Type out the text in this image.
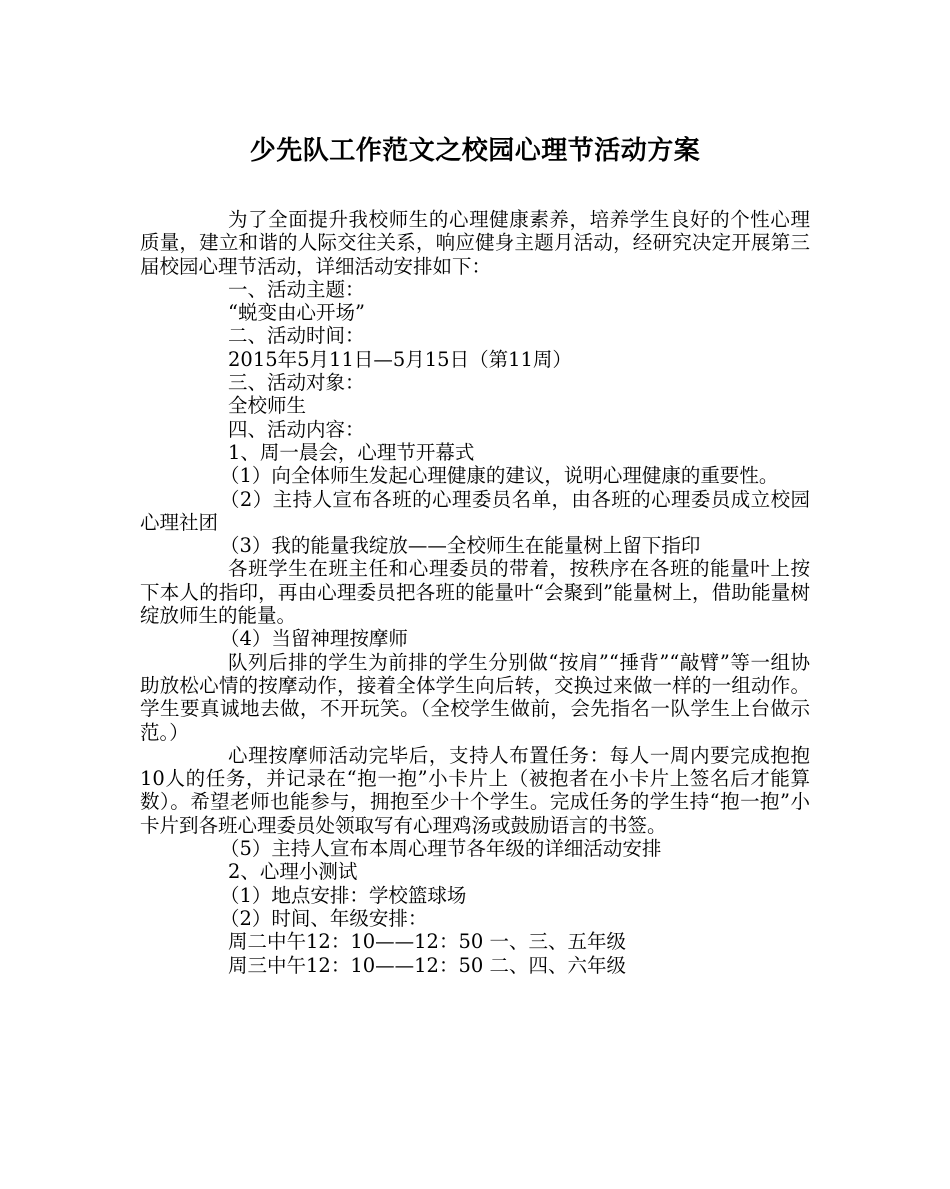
少先队工作范文之校园心理节活动方案

为了全面提升我校师生的心理健康素养，培养学生良好的个性心理质量，建立和谐的人际交往关系，响应健身主题月活动，经研究决定开展第三届校园心理节活动，详细活动安排如下：

一、活动主题：

“蜕变由心开场”

二、活动时间：

2015年5月11日—5月15日（第11周）

三、活动对象：

全校师生

四、活动内容：

1、周一晨会，心理节开幕式

（1）向全体师生发起心理健康的建议，说明心理健康的重要性。

（2）主持人宣布各班的心理委员名单，由各班的心理委员成立校园心理社团

（3）我的能量我绽放——全校师生在能量树上留下指印

各班学生在班主任和心理委员的带着，按秩序在各班的能量叶上按下本人的指印，再由心理委员把各班的能量叶“会聚到”能量树上，借助能量树绽放师生的能量。

（4）当留神理按摩师

队列后排的学生为前排的学生分别做“按肩”“捶背”“敲臂”等一组协助放松心情的按摩动作，接着全体学生向后转，交换过来做一样的一组动作。学生要真诚地去做，不开玩笑。（全校学生做前，会先指名一队学生上台做示范。）

心理按摩师活动完毕后，支持人布置任务：每人一周内要完成抱抱10人的任务，并记录在“抱一抱”小卡片上（被抱者在小卡片上签名后才能算数）。希望老师也能参与，拥抱至少十个学生。完成任务的学生持“抱一抱”小卡片到各班心理委员处领取写有心理鸡汤或鼓励语言的书签。

（5）主持人宣布本周心理节各年级的详细活动安排

2、心理小测试

（1）地点安排：学校篮球场

（2）时间、年级安排：

周二中午12：10——12：50 一、三、五年级

周三中午12：10——12：50 二、四、六年级
